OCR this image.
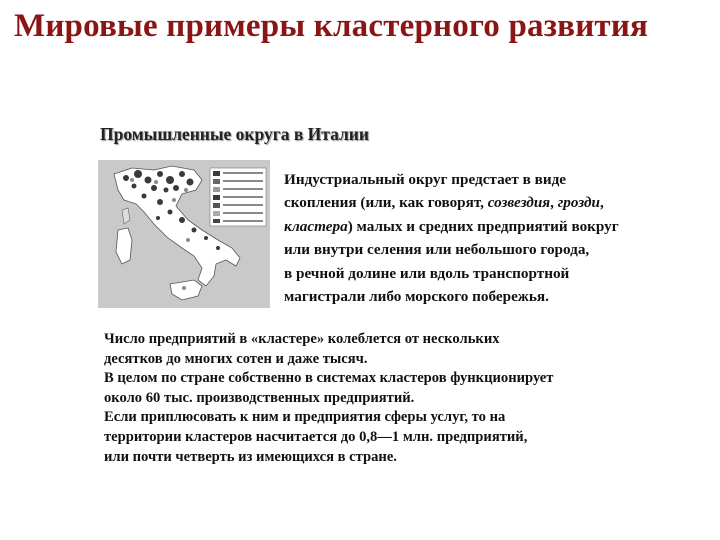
Мировые примеры кластерного развития
Промышленные округа в Италии
Индустриальный округ предстает в виде
скопления (или, как говорят, созвездия, грозди,
кластера) малых и средних предприятий вокруг
или внутри селения или небольшого города,
в речной долине или вдоль транспортной
магистрали либо морского побережья.
Число предприятий в «кластере» колеблется от нескольких
десятков до многих сотен и даже тысяч.
В целом по стране собственно в системах кластеров функционирует
около 60 тыс. производственных предприятий.
Если приплюсовать к ним и предприятия сферы услуг, то на
территории кластеров насчитается до 0,8—1 млн. предприятий,
или почти четверть из имеющихся в стране.
